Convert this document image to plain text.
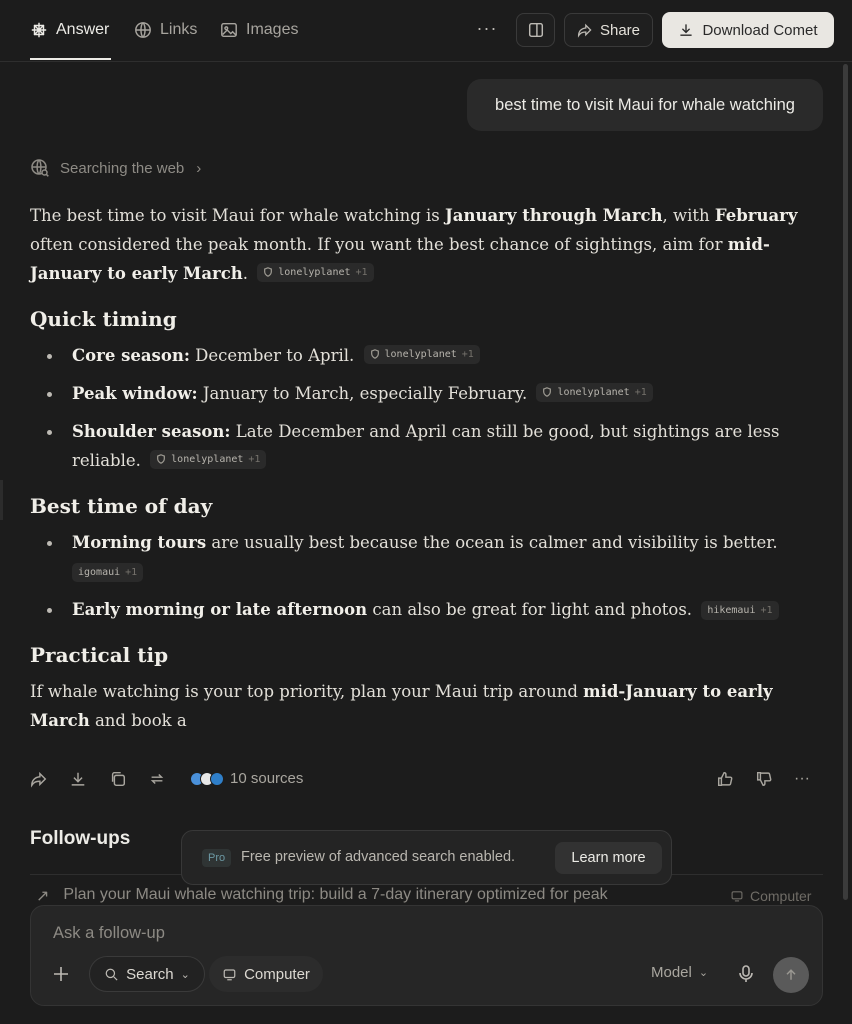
Answer	Links	Images	···	Share	Download Comet
best time to visit Maui for whale watching
Searching the web ›

The best time to visit Maui for whale watching is January through March, with February often considered the peak month. If you want the best chance of sightings, aim for mid-January to early March.	lonelyplanet +1

Quick timing
Core season: December to April.	lonelyplanet +1
Peak window: January to March, especially February.	lonelyplanet +1
Shoulder season: Late December and April can still be good, but sightings are less reliable.	lonelyplanet +1
Best time of day
Morning tours are usually best because the ocean is calmer and visibility is better.

igomaui +1
Early morning or late afternoon can also be great for light and photos. hikemaui +1
Practical tip

If whale watching is your top priority, plan your Maui trip around mid-January to early March and book a

10 sources	···
Follow-ups
↗ Plan your Maui whale watching trip: build a 7-day itinerary optimized for peak	Computer
Pro	Free preview of advanced search enabled.	Learn more
Ask a follow-up
Search ⌄	Computer	Model ⌄
